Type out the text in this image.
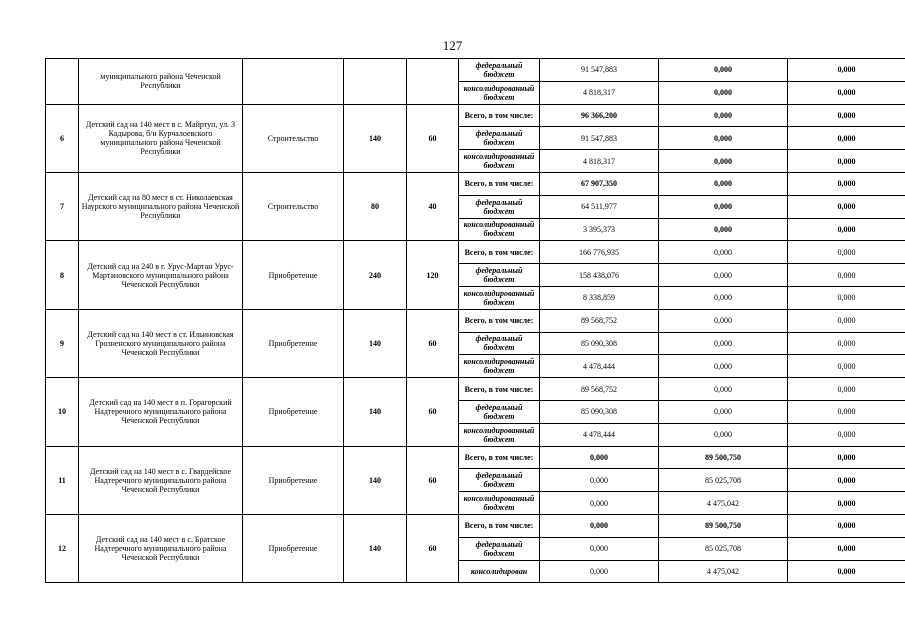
127
	муниципального района Чеченской Республики				федеральный бюджет	91 547,883	0,000	0,000
					консолидированный бюджет	4 818,317	0,000	0,000
6	Детский сад на 140 мест в с. Майртуп, ул. З Кадырова, б/н Курчалоевского муниципального района Чеченской Республики	Строительство	140	60	Всего, в том числе:	96 366,200	0,000	0,000
					федеральный бюджет	91 547,883	0,000	0,000
					консолидированный бюджет	4 818,317	0,000	0,000
7	Детский сад на 80 мест в ст. Николаевская Наурского муниципального района Чеченской Республики	Строительство	80	40	Всего, в том числе:	67 907,350	0,000	0,000
					федеральный бюджет	64 511,977	0,000	0,000
					консолидированный бюджет	3 395,373	0,000	0,000
8	Детский сад на 240 в г. Урус-Мартан Урус-Мартановского муниципального района Чеченской Республики	Приобретение	240	120	Всего, в том числе:	166 776,935	0,000	0,000
					федеральный бюджет	158 438,076	0,000	0,000
					консолидированный бюджет	8 338,859	0,000	0,000
9	Детский сад на 140 мест в ст. Ильиновская Грозненского муниципального района Чеченской Республики	Приобретение	140	60	Всего, в том числе:	89 568,752	0,000	0,000
					федеральный бюджет	85 090,308	0,000	0,000
					консолидированный бюджет	4 478,444	0,000	0,000
10	Детский сад на 140 мест в п. Горагорский Надтеречного муниципального района Чеченской Республики	Приобретение	140	60	Всего, в том числе:	89 568,752	0,000	0,000
					федеральный бюджет	85 090,308	0,000	0,000
					консолидированный бюджет	4 478,444	0,000	0,000
11	Детский сад на 140 мест в с. Гвардейское Надтеречного муниципального района Чеченской Республики	Приобретение	140	60	Всего, в том числе:	0,000	89 500,750	0,000
					федеральный бюджет	0,000	85 025,708	0,000
					консолидированный бюджет	0,000	4 475,042	0,000
12	Детский сад на 140 мест в с. Братское Надтеречного муниципального района Чеченской Республики	Приобретение	140	60	Всего, в том числе:	0,000	89 500,750	0,000
					федеральный бюджет	0,000	85 025,708	0,000
					консолидирован	0,000	4 475,042	0,000
